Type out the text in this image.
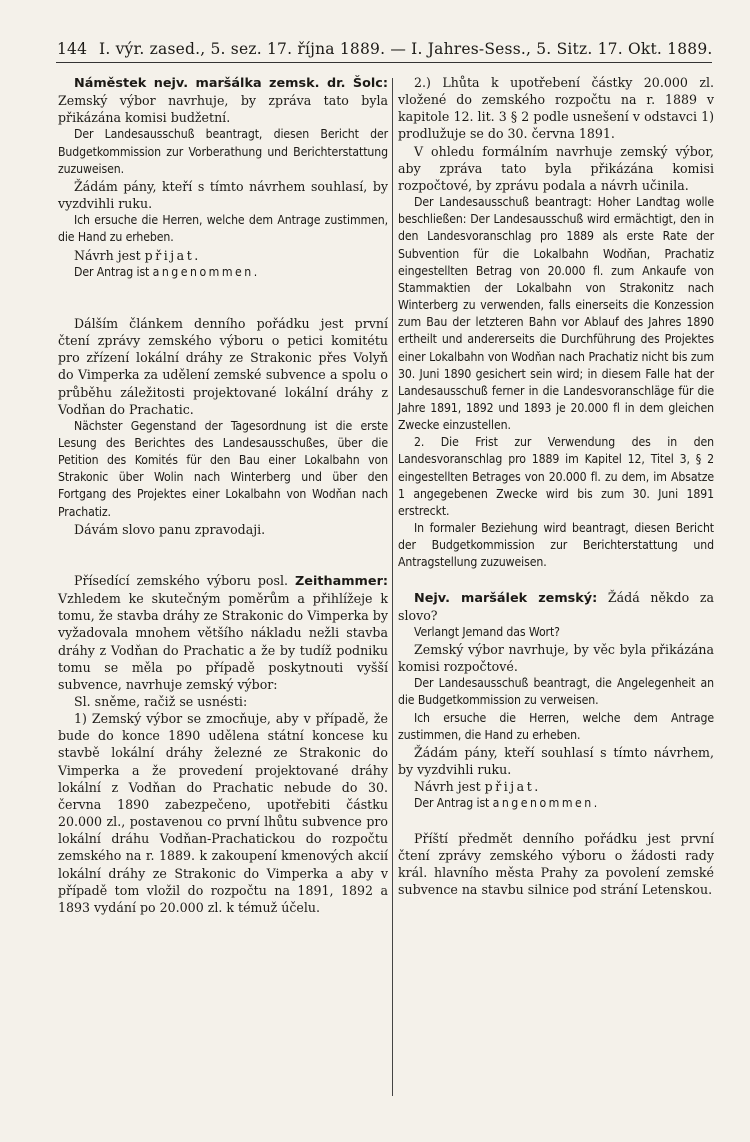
144 I. výr. zased., 5. sez. 17. října 1889. — I. Jahres-Sess., 5. Sitz. 17. Okt. 1889.

Náměstek nejv. maršálka zemsk. dr. Šolc: Zemský výbor navrhuje, by zpráva tato byla přikázána komisi budžetní.

Der Landesausschuß beantragt, diesen Bericht der Budgetkommission zur Vorberathung und Berichterstattung zuzuweisen.

Žádám pány, kteří s tímto návrhem souhlasí, by vyzdvihli ruku.

Ich ersuche die Herren, welche dem Antrage zustimmen, die Hand zu erheben.

Návrh jest přijat.

Der Antrag ist angenommen.

Dálším článkem denního pořádku jest první čtení zprávy zemského výboru o petici komitétu pro zřízení lokální dráhy ze Strakonic přes Volyň do Vimperka za udělení zemské subvence a spolu o průběhu záležitosti projektované lokální dráhy z Vodňan do Prachatic.

Nächster Gegenstand der Tagesordnung ist die erste Lesung des Berichtes des Landesausschußes, über die Petition des Komités für den Bau einer Lokalbahn von Strakonic über Wolin nach Winterberg und über den Fortgang des Projektes einer Lokalbahn von Wodňan nach Prachatiz.

Dávám slovo panu zpravodaji.

Přísedící zemského výboru posl. Zeithammer: Vzhledem ke skutečným poměrům a přihlížeje k tomu, že stavba dráhy ze Strakonic do Vimperka by vyžadovala mnohem většího nákladu nežli stavba dráhy z Vodňan do Prachatic a že by tudíž podniku tomu se měla po případě poskytnouti vyšší subvence, navrhuje zemský výbor:

Sl. sněme, račiž se usnésti:

1) Zemský výbor se zmocňuje, aby v případě, že bude do konce 1890 udělena státní koncese ku stavbě lokální dráhy železné ze Strakonic do Vimperka a že provedení projektované dráhy lokální z Vodňan do Prachatic nebude do 30. června 1890 zabezpečeno, upotřebiti částku 20.000 zl., postavenou co první lhůtu subvence pro lokální dráhu Vodňan-Prachatickou do rozpočtu zemského na r. 1889. k zakoupení kmenových akcií lokální dráhy ze Strakonic do Vimperka a aby v případě tom vložil do rozpočtu na 1891, 1892 a 1893 vydání po 20.000 zl. k témuž účelu.

2.) Lhůta k upotřebení částky 20.000 zl. vložené do zemského rozpočtu na r. 1889 v kapitole 12. lit. 3 § 2 podle usnešení v odstavci 1) prodlužuje se do 30. června 1891.

V ohledu formálním navrhuje zemský výbor, aby zpráva tato byla přikázána komisi rozpočtové, by zprávu podala a návrh učinila.

Der Landesausschuß beantragt: Hoher Landtag wolle beschließen: Der Landesausschuß wird ermächtigt, den in den Landesvoranschlag pro 1889 als erste Rate der Subvention für die Lokalbahn Wodňan, Prachatiz eingestellten Betrag von 20.000 fl. zum Ankaufe von Stammaktien der Lokalbahn von Strakonitz nach Winterberg zu verwenden, falls einerseits die Konzession zum Bau der letzteren Bahn vor Ablauf des Jahres 1890 ertheilt und andererseits die Durchführung des Projektes einer Lokalbahn von Wodňan nach Prachatiz nicht bis zum 30. Juni 1890 gesichert sein wird; in diesem Falle hat der Landesausschuß ferner in die Landesvoranschläge für die Jahre 1891, 1892 und 1893 je 20.000 fl in dem gleichen Zwecke einzustellen.

2. Die Frist zur Verwendung des in den Landesvoranschlag pro 1889 im Kapitel 12, Titel 3, § 2 eingestellten Betrages von 20.000 fl. zu dem, im Absatze 1 angegebenen Zwecke wird bis zum 30. Juni 1891 erstreckt.

In formaler Beziehung wird beantragt, diesen Bericht der Budgetkommission zur Berichterstattung und Antragstellung zuzuweisen.

Nejv. maršálek zemský: Žádá někdo za slovo?

Verlangt Jemand das Wort?

Zemský výbor navrhuje, by věc byla přikázána komisi rozpočtové.

Der Landesausschuß beantragt, die Angelegenheit an die Budgetkommission zu verweisen.

Ich ersuche die Herren, welche dem Antrage zustimmen, die Hand zu erheben.

Žádám pány, kteří souhlasí s tímto návrhem, by vyzdvihli ruku.

Návrh jest přijat.

Der Antrag ist angenommen.

Příští předmět denního pořádku jest první čtení zprávy zemského výboru o žádosti rady král. hlavního města Prahy za povolení zemské subvence na stavbu silnice pod strání Letenskou.
